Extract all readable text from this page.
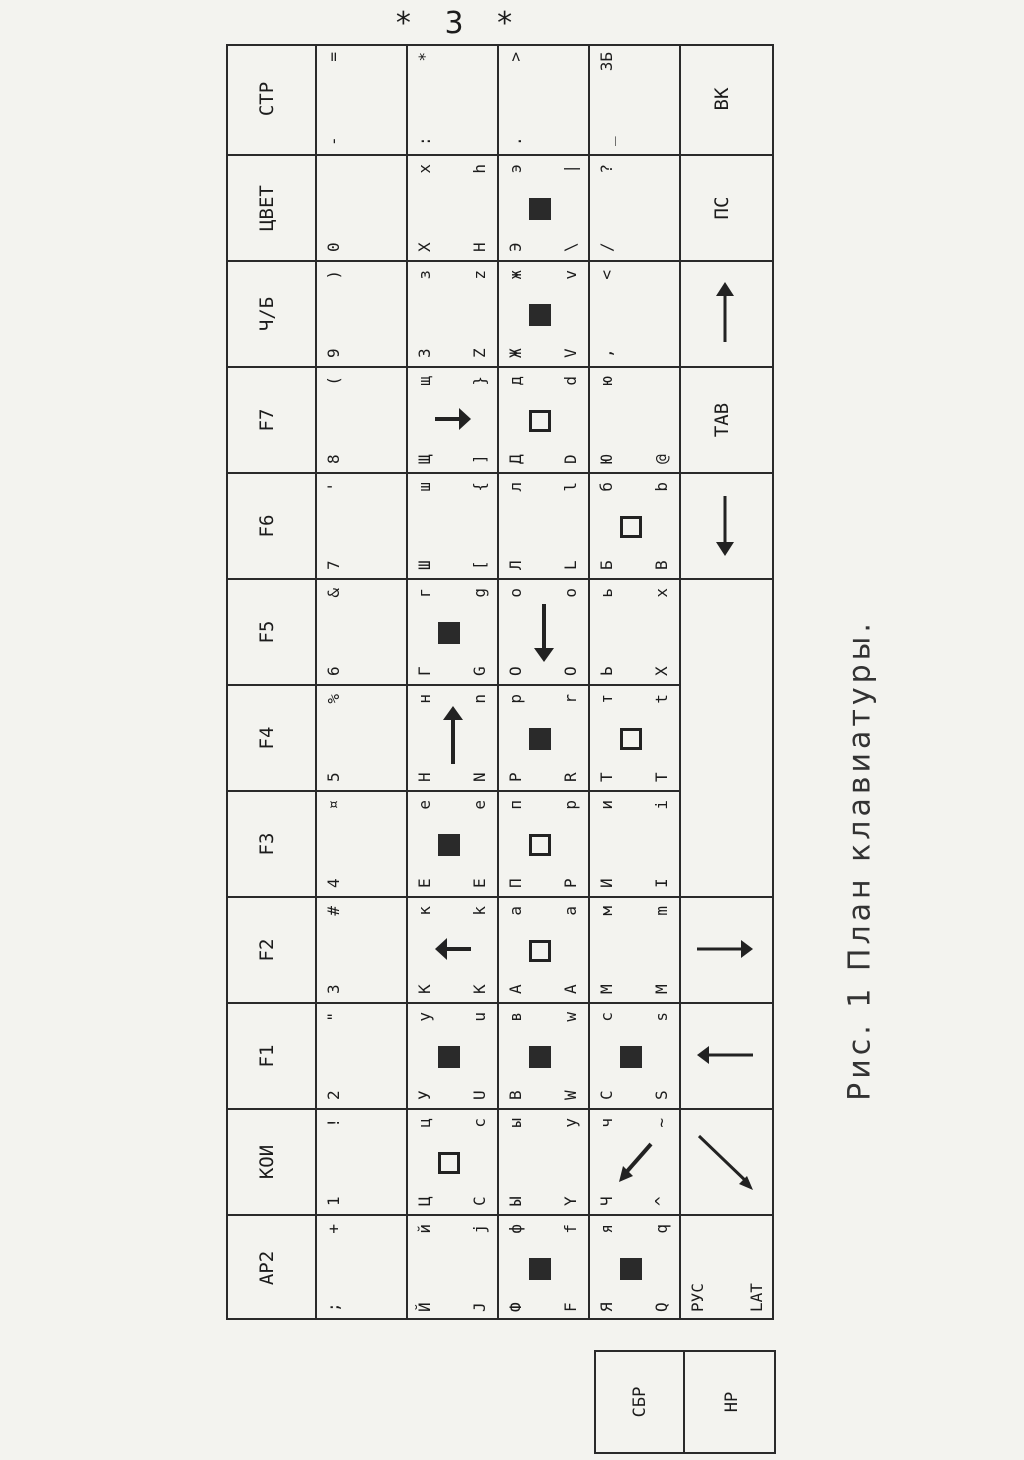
* 3 *
АР2
КОИ
F1
F2
F3
F4
F5
F6
F7
Ч/Б
ЦВЕТ
СТР
;
+
1
!
2
"
3
#
4
¤
5
%
6
&
7
'
8
(
9
)
0
-
=
Й
й
J
j
Ц
ц
C
c
У
у
U
u
К
к
K
k
Е
е
E
e
Н
н
N
n
Г
г
G
g
Ш
ш
[
{
Щ
щ
]
}
З
з
Z
z
Х
х
H
h
:
*
Ф
ф
F
f
Ы
ы
Y
y
В
в
W
w
А
а
A
a
П
п
P
p
Р
р
R
r
О
о
O
o
Л
л
L
l
Д
д
D
d
Ж
ж
V
v
Э
э
\
|
.
>
Я
я
Q
q
Ч
ч
^
~
С
с
S
s
М
м
M
m
И
и
I
i
Т
т
T
t
Ь
ь
X
x
Б
б
B
b
Ю
ю
@
,
<
/
?
_
ЗБ
РУС	LAT
TAB
ПС
ВК
СБР	НР
Рис. 1 План клавиатуры.
